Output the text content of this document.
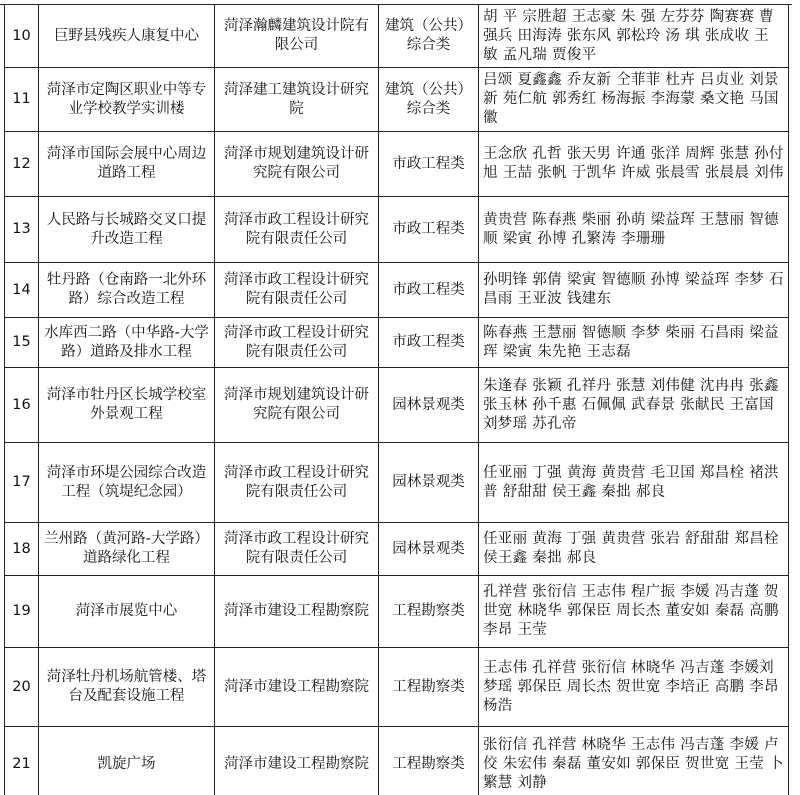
10	巨野县残疾人康复中心	菏泽瀚麟建筑设计院有限公司	建筑（公共）综合类	胡 平 宗胜超 王志豪 朱 强 左芬芬 陶赛赛 曹强兵 田海涛 张东风 郭松玲 汤 琪 张成收 王 敏 孟凡瑞 贾俊平
11	菏泽市定陶区职业中等专业学校教学实训楼	菏泽建工建筑设计研究院	建筑（公共）综合类	吕颂 夏鑫鑫 乔友新 仝菲菲 杜卉 吕贞业 刘景新 苑仁航 郭秀红 杨海振 李海蒙 桑文艳 马国徽
12	菏泽市国际会展中心周边道路工程	菏泽市规划建筑设计研究院有限公司	市政工程类	王念欣 孔哲 张天男 许通 张洋 周辉 张慧 孙付旭 王喆 张帆 于凯华 许威 张晨雪 张晨晨 刘伟
13	人民路与长城路交叉口提升改造工程	菏泽市政工程设计研究院有限责任公司	市政工程类	黄贵营 陈春燕 柴丽 孙萌 梁益珲 王慧丽 智德顺 梁寅 孙博 孔繁涛 李珊珊
14	牡丹路（仓南路一北外环路）综合改造工程	菏泽市政工程设计研究院有限责任公司	市政工程类	孙明锋 郭倩 梁寅 智德顺 孙博 梁益珲 李梦 石昌雨 王亚波 钱建东
15	水库西二路（中华路-大学路）道路及排水工程	菏泽市政工程设计研究院有限责任公司	市政工程类	陈春燕 王慧丽 智德顺 李梦 柴丽 石昌雨 梁益珲 梁寅 朱先艳 王志磊
16	菏泽市牡丹区长城学校室外景观工程	菏泽市规划建筑设计研究院有限公司	园林景观类	朱逢春 张颖 孔祥丹 张慧 刘伟健 沈冉冉 张鑫 张玉林 孙千惠 石佩佩 武春景 张献民 王富国 刘梦瑶 苏孔帝
17	菏泽市环堤公园综合改造工程（筑堤纪念园）	菏泽市政工程设计研究院有限责任公司	园林景观类	任亚丽 丁强 黄海 黄贵营 毛卫国 郑昌栓 褚洪普 舒甜甜 侯王鑫 秦拙 郝良
18	兰州路（黄河路-大学路）道路绿化工程	菏泽市政工程设计研究院有限责任公司	园林景观类	任亚丽 黄海 丁强 黄贵营 张岩 舒甜甜 郑昌栓 侯王鑫 秦拙 郝良
19	菏泽市展览中心	菏泽市建设工程勘察院	工程勘察类	孔祥营 张衍信 王志伟 程广振 李媛 冯吉蓬 贺世宽 林晓华 郭保臣 周长杰 董安如 秦磊 高鹏 李昂 王莹
20	菏泽牡丹机场航管楼、塔台及配套设施工程	菏泽市建设工程勘察院	工程勘察类	王志伟 孔祥营 张衍信 林晓华 冯吉蓬 李媛刘梦瑶 郭保臣 周长杰 贺世宽 李培正 高鹏 李昂 杨浩
21	凯旋广场	菏泽市建设工程勘察院	工程勘察类	张衍信 孔祥营 林晓华 王志伟 冯吉蓬 李媛 卢佼 朱宏伟 秦磊 董安如 郭保臣 贺世宽 王莹 卜繁慧 刘静
